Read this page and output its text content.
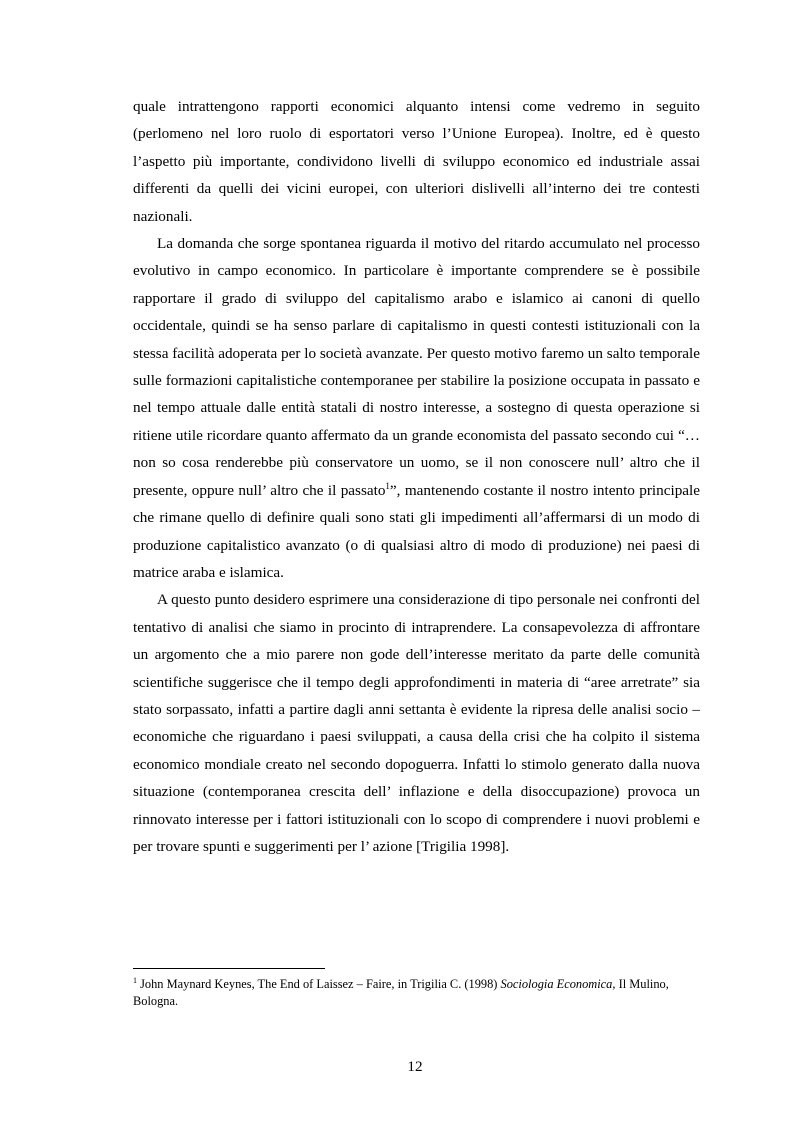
quale intrattengono rapporti economici alquanto intensi come vedremo in seguito (perlomeno nel loro ruolo di esportatori verso l’Unione Europea). Inoltre, ed è questo l’aspetto più importante, condividono livelli di sviluppo economico ed industriale assai differenti da quelli dei vicini europei, con ulteriori dislivelli all’interno dei tre contesti nazionali.

La domanda che sorge spontanea riguarda il motivo del ritardo accumulato nel processo evolutivo in campo economico. In particolare è importante comprendere se è possibile rapportare il grado di sviluppo del capitalismo arabo e islamico ai canoni di quello occidentale, quindi se ha senso parlare di capitalismo in questi contesti istituzionali con la stessa facilità adoperata per lo società avanzate. Per questo motivo faremo un salto temporale sulle formazioni capitalistiche contemporanee per stabilire la posizione occupata in passato e nel tempo attuale dalle entità statali di nostro interesse, a sostegno di questa operazione si ritiene utile ricordare quanto affermato da un grande economista del passato secondo cui “…non so cosa renderebbe più conservatore un uomo, se il non conoscere null’ altro che il presente, oppure null’ altro che il passato$^1$”, mantenendo costante il nostro intento principale che rimane quello di definire quali sono stati gli impedimenti all’affermarsi di un modo di produzione capitalistico avanzato (o di qualsiasi altro di modo di produzione) nei paesi di matrice araba e islamica.

A questo punto desidero esprimere una considerazione di tipo personale nei confronti del tentativo di analisi che siamo in procinto di intraprendere. La consapevolezza di affrontare un argomento che a mio parere non gode dell’interesse meritato da parte delle comunità scientifiche suggerisce che il tempo degli approfondimenti in materia di “aree arretrate” sia stato sorpassato, infatti a partire dagli anni settanta è evidente la ripresa delle analisi socio – economiche che riguardano i paesi sviluppati, a causa della crisi che ha colpito il sistema economico mondiale creato nel secondo dopoguerra. Infatti lo stimolo generato dalla nuova situazione (contemporanea crescita dell’ inflazione e della disoccupazione) provoca un rinnovato interesse per i fattori istituzionali con lo scopo di comprendere i nuovi problemi e per trovare spunti e suggerimenti per l’ azione [Trigilia 1998].

$^1$ John Maynard Keynes, The End of Laissez – Faire, in Trigilia C. (1998) Sociologia Economica, Il Mulino, Bologna.
12
